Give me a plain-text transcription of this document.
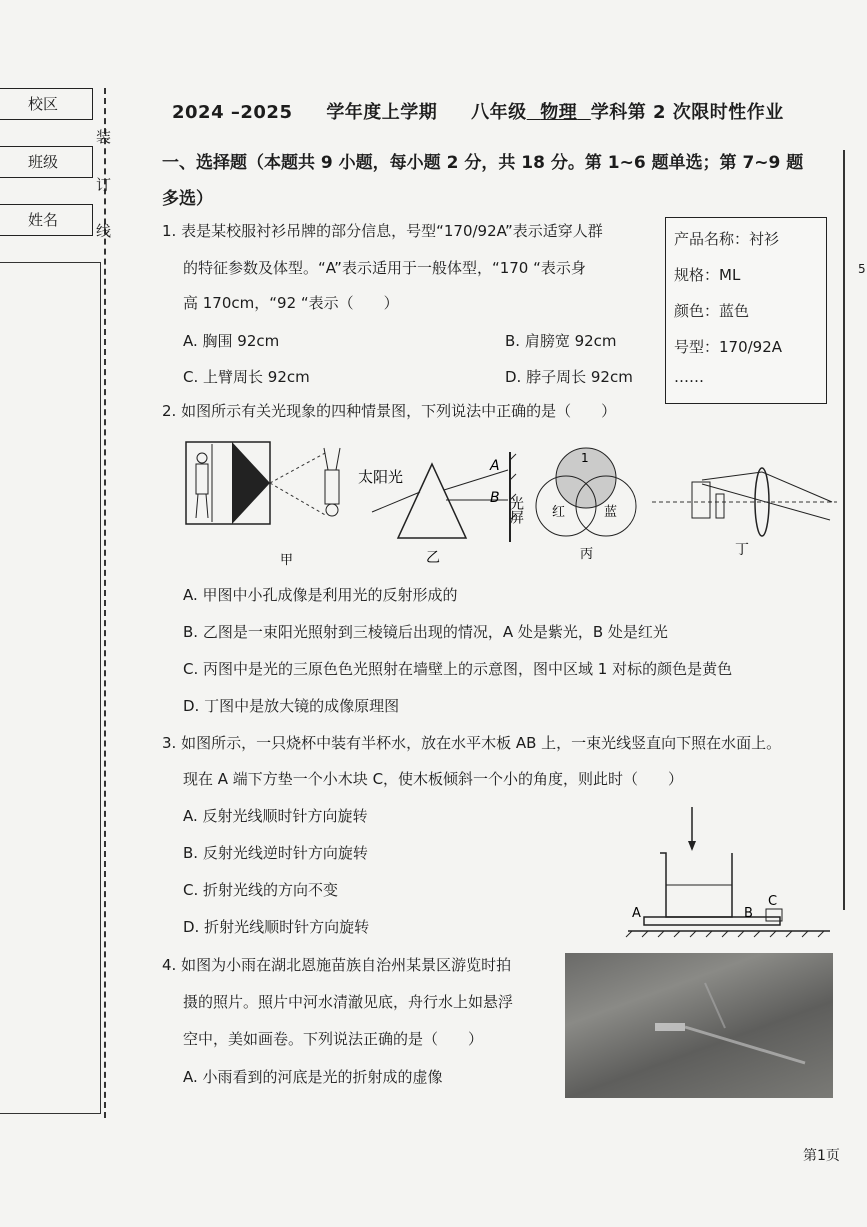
校区
班级
姓名
装
订
线
2024 –2025 学年度上学期 八年级 物理 学科第 2 次限时性作业
一、选择题（本题共 9 小题，每小题 2 分，共 18 分。第 1~6 题单选；第 7~9 题
多选）
1. 表是某校服衬衫吊牌的部分信息，号型“170/92A”表示适穿人群
的特征参数及体型。“A”表示适用于一般体型，“170 “表示身
高 170cm，“92 “表示（　　）
A. 胸围 92cm	B. 肩膀宽 92cm
C. 上臂周长 92cm	D. 脖子周长 92cm
产品名称：衬衫
规格：ML
颜色：蓝色
号型：170/92A
……
2. 如图所示有关光现象的四种情景图，下列说法中正确的是（　　）
甲
太阳光
A
B 光屏
乙
1
红	蓝
丙	丁
A. 甲图中小孔成像是利用光的反射形成的
B. 乙图是一束阳光照射到三棱镜后出现的情况，A 处是紫光，B 处是红光
C. 丙图中是光的三原色色光照射在墙壁上的示意图，图中区域 1 对标的颜色是黄色
D. 丁图中是放大镜的成像原理图
3. 如图所示，一只烧杯中装有半杯水，放在水平木板 AB 上，一束光线竖直向下照在水面上。
现在 A 端下方垫一个小木块 C，使木板倾斜一个小的角度，则此时（　　）
A. 反射光线顺时针方向旋转
B. 反射光线逆时针方向旋转
C. 折射光线的方向不变
D. 折射光线顺时针方向旋转
A	B
C
4. 如图为小雨在湖北恩施苗族自治州某景区游览时拍
摄的照片。照片中河水清澈见底，舟行水上如悬浮
空中，美如画卷。下列说法正确的是（　　）
A. 小雨看到的河底是光的折射成的虚像
5
第1页
